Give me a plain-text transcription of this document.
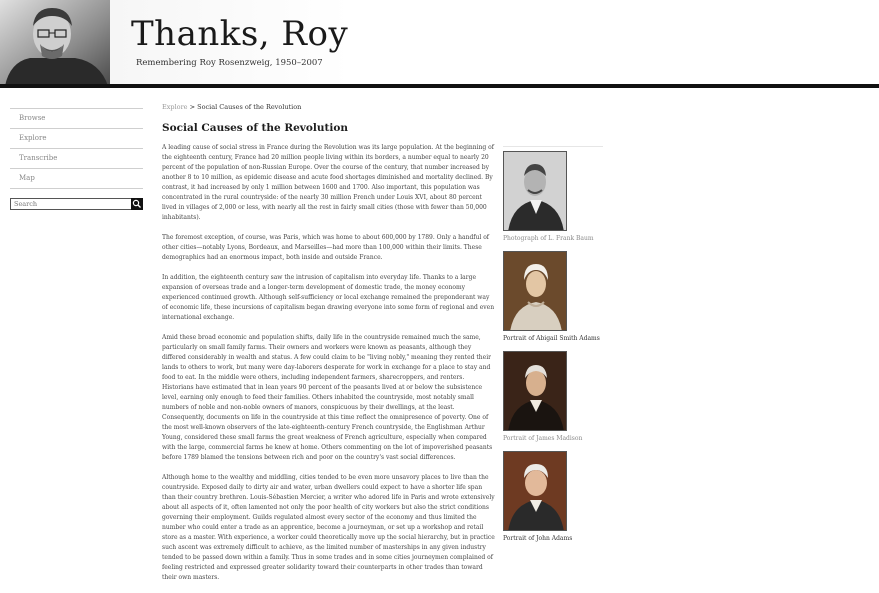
Thanks, Roy
Remembering Roy Rosenzweig, 1950–2007
Browse
Explore
Transcribe
Map
Search
Explore > Social Causes of the Revolution
Social Causes of the Revolution

A leading cause of social stress in France during the Revolution was its large population. At the beginning of the eighteenth century, France had 20 million people living within its borders, a number equal to nearly 20 percent of the population of non-Russian Europe. Over the course of the century, that number increased by another 8 to 10 million, as epidemic disease and acute food shortages diminished and mortality declined. By contrast, it had increased by only 1 million between 1600 and 1700. Also important, this population was concentrated in the rural countryside: of the nearly 30 million French under Louis XVI, about 80 percent lived in villages of 2,000 or less, with nearly all the rest in fairly small cities (those with fewer than 50,000 inhabitants).

The foremost exception, of course, was Paris, which was home to about 600,000 by 1789. Only a handful of other cities—notably Lyons, Bordeaux, and Marseilles—had more than 100,000 within their limits. These demographics had an enormous impact, both inside and outside France.

In addition, the eighteenth century saw the intrusion of capitalism into everyday life. Thanks to a large expansion of overseas trade and a longer-term development of domestic trade, the money economy experienced continued growth. Although self-sufficiency or local exchange remained the preponderant way of economic life, these incursions of capitalism began drawing everyone into some form of regional and even international exchange.

Amid these broad economic and population shifts, daily life in the countryside remained much the same, particularly on small family farms. Their owners and workers were known as peasants, although they differed considerably in wealth and status. A few could claim to be "living nobly," meaning they rented their lands to others to work, but many were day-laborers desperate for work in exchange for a place to stay and food to eat. In the middle were others, including independent farmers, sharecroppers, and renters. Historians have estimated that in lean years 90 percent of the peasants lived at or below the subsistence level, earning only enough to feed their families. Others inhabited the countryside, most notably small numbers of noble and non-noble owners of manors, conspicuous by their dwellings, at the least. Consequently, documents on life in the countryside at this time reflect the omnipresence of poverty. One of the most well-known observers of the late-eighteenth-century French countryside, the Englishman Arthur Young, considered these small farms the great weakness of French agriculture, especially when compared with the large, commercial farms he knew at home. Others commenting on the lot of impoverished peasants before 1789 blamed the tensions between rich and poor on the country's vast social differences.

Although home to the wealthy and middling, cities tended to be even more unsavory places to live than the countryside. Exposed daily to dirty air and water, urban dwellers could expect to have a shorter life span than their country brethren. Louis-Sébastien Mercier, a writer who adored life in Paris and wrote extensively about all aspects of it, often lamented not only the poor health of city workers but also the strict conditions governing their employment. Guilds regulated almost every sector of the economy and thus limited the number who could enter a trade as an apprentice, become a journeyman, or set up a workshop and retail store as a master. With experience, a worker could theoretically move up the social hierarchy, but in practice such ascent was extremely difficult to achieve, as the limited number of masterships in any given industry tended to be passed down within a family. Thus in some trades and in some cities journeymen complained of feeling restricted and expressed greater solidarity toward their counterparts in other trades than toward their own masters.

Photograph of L. Frank Baum
Portrait of Abigail Smith Adams
Portrait of James Madison
Portrait of John Adams
